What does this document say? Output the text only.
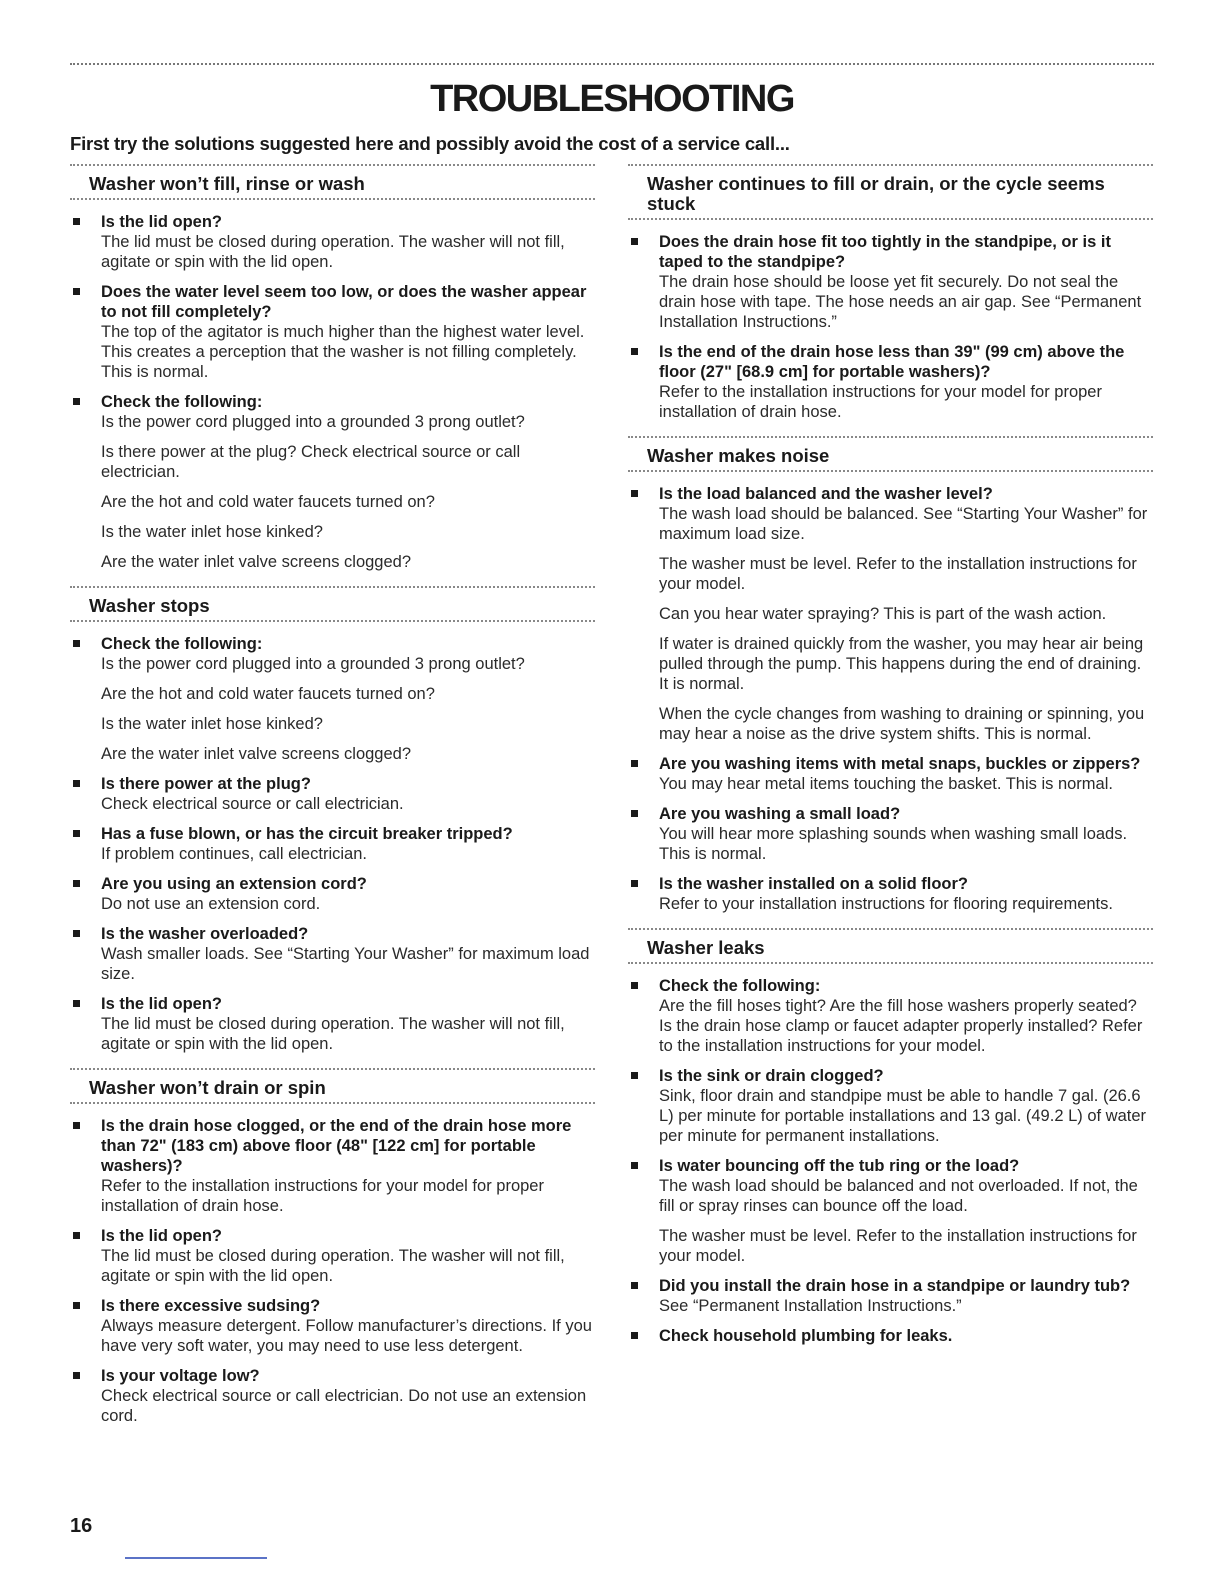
TROUBLESHOOTING
First try the solutions suggested here and possibly avoid the cost of a service call...
Washer won’t fill, rinse or wash
Is the lid open?
The lid must be closed during operation. The washer will not fill, agitate or spin with the lid open.
Does the water level seem too low, or does the washer appear to not fill completely?
The top of the agitator is much higher than the highest water level. This creates a perception that the washer is not filling completely. This is normal.
Check the following:
Is the power cord plugged into a grounded 3 prong outlet?
Is there power at the plug? Check electrical source or call electrician.
Are the hot and cold water faucets turned on?
Is the water inlet hose kinked?
Are the water inlet valve screens clogged?
Washer stops
Check the following:
Is the power cord plugged into a grounded 3 prong outlet?
Are the hot and cold water faucets turned on?
Is the water inlet hose kinked?
Are the water inlet valve screens clogged?
Is there power at the plug?
Check electrical source or call electrician.
Has a fuse blown, or has the circuit breaker tripped?
If problem continues, call electrician.
Are you using an extension cord?
Do not use an extension cord.
Is the washer overloaded?
Wash smaller loads. See “Starting Your Washer” for maximum load size.
Is the lid open?
The lid must be closed during operation. The washer will not fill, agitate or spin with the lid open.
Washer won’t drain or spin
Is the drain hose clogged, or the end of the drain hose more than 72" (183 cm) above floor (48" [122 cm] for portable washers)?
Refer to the installation instructions for your model for proper installation of drain hose.
Is the lid open?
The lid must be closed during operation. The washer will not fill, agitate or spin with the lid open.
Is there excessive sudsing?
Always measure detergent. Follow manufacturer’s directions. If you have very soft water, you may need to use less detergent.
Is your voltage low?
Check electrical source or call electrician. Do not use an extension cord.
Washer continues to fill or drain, or the cycle seems stuck
Does the drain hose fit too tightly in the standpipe, or is it taped to the standpipe?
The drain hose should be loose yet fit securely. Do not seal the drain hose with tape. The hose needs an air gap. See “Permanent Installation Instructions.”
Is the end of the drain hose less than 39" (99 cm) above the floor (27" [68.9 cm] for portable washers)?
Refer to the installation instructions for your model for proper installation of drain hose.
Washer makes noise
Is the load balanced and the washer level?
The wash load should be balanced. See “Starting Your Washer” for maximum load size.
The washer must be level. Refer to the installation instructions for your model.
Can you hear water spraying? This is part of the wash action.
If water is drained quickly from the washer, you may hear air being pulled through the pump. This happens during the end of draining. It is normal.
When the cycle changes from washing to draining or spinning, you may hear a noise as the drive system shifts. This is normal.
Are you washing items with metal snaps, buckles or zippers?
You may hear metal items touching the basket. This is normal.
Are you washing a small load?
You will hear more splashing sounds when washing small loads. This is normal.
Is the washer installed on a solid floor?
Refer to your installation instructions for flooring requirements.
Washer leaks
Check the following:
Are the fill hoses tight? Are the fill hose washers properly seated? Is the drain hose clamp or faucet adapter properly installed? Refer to the installation instructions for your model.
Is the sink or drain clogged?
Sink, floor drain and standpipe must be able to handle 7 gal. (26.6 L) per minute for portable installations and 13 gal. (49.2 L) of water per minute for permanent installations.
Is water bouncing off the tub ring or the load?
The wash load should be balanced and not overloaded. If not, the fill or spray rinses can bounce off the load.
The washer must be level. Refer to the installation instructions for your model.
Did you install the drain hose in a standpipe or laundry tub?
See “Permanent Installation Instructions.”
Check household plumbing for leaks.
16
